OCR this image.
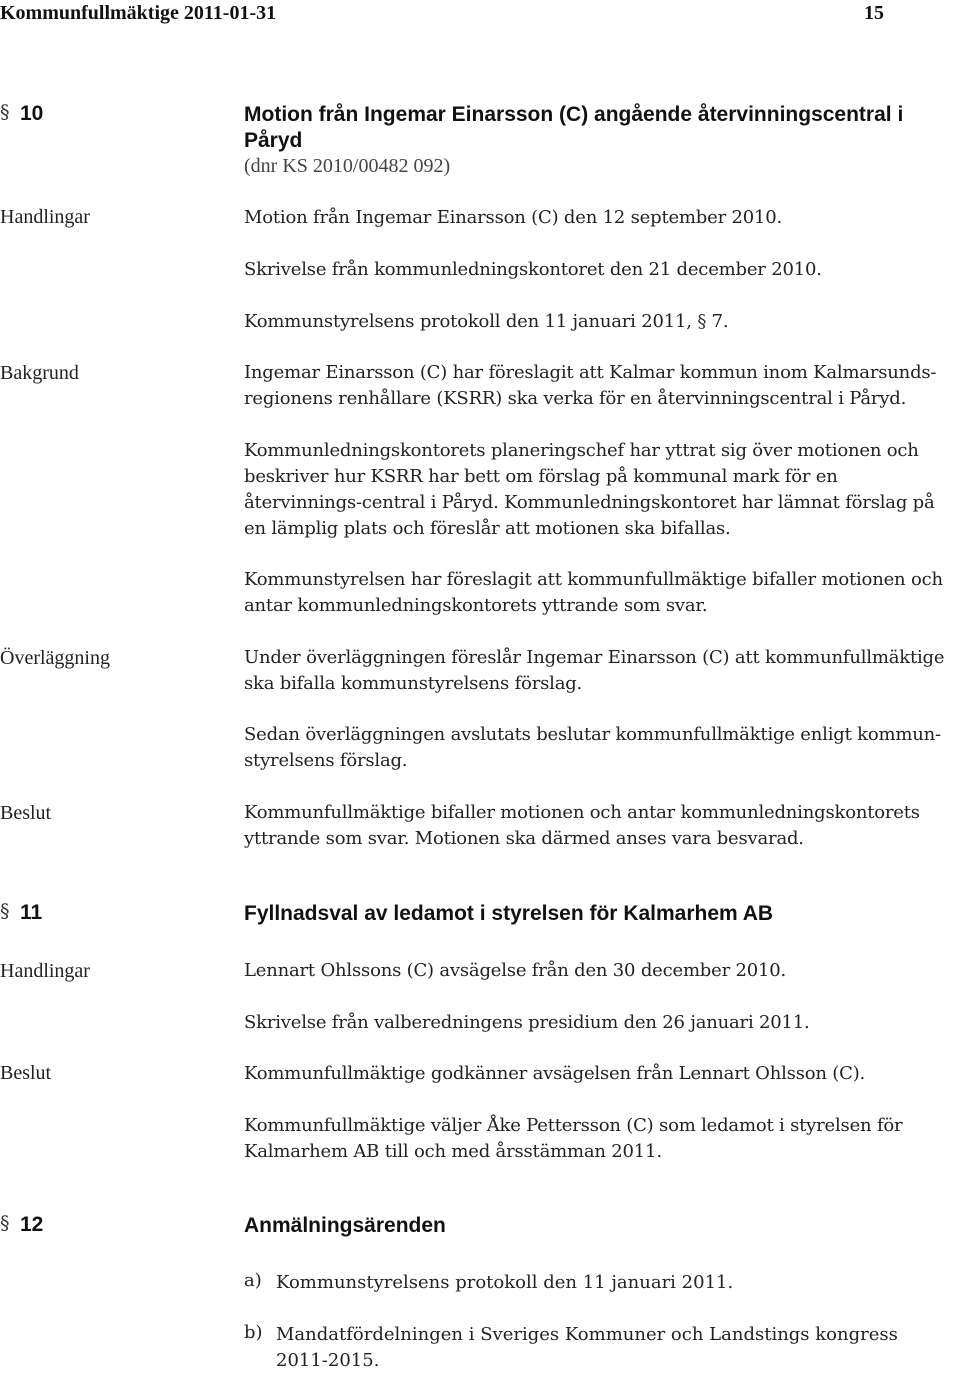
Kommunfullmäktige 2011-01-31	15
§ 10	Motion från Ingemar Einarsson (C) angående återvinningscentral i Påryd
(dnr KS 2010/00482 092)
Handlingar	Motion från Ingemar Einarsson (C) den 12 september 2010.
Skrivelse från kommunledningskontoret den 21 december 2010.
Kommunstyrelsens protokoll den 11 januari 2011, § 7.
Bakgrund	Ingemar Einarsson (C) har föreslagit att Kalmar kommun inom Kalmarsunds-regionens renhållare (KSRR) ska verka för en återvinningscentral i Påryd.
Kommunledningskontorets planeringschef har yttrat sig över motionen och beskriver hur KSRR har bett om förslag på kommunal mark för en återvinnings-central i Påryd. Kommunledningskontoret har lämnat förslag på en lämplig plats och föreslår att motionen ska bifallas.
Kommunstyrelsen har föreslagit att kommunfullmäktige bifaller motionen och antar kommunledningskontorets yttrande som svar.
Överläggning	Under överläggningen föreslår Ingemar Einarsson (C) att kommunfullmäktige ska bifalla kommunstyrelsens förslag.
Sedan överläggningen avslutats beslutar kommunfullmäktige enligt kommun-styrelsens förslag.
Beslut	Kommunfullmäktige bifaller motionen och antar kommunledningskontorets yttrande som svar. Motionen ska därmed anses vara besvarad.
§ 11	Fyllnadsval av ledamot i styrelsen för Kalmarhem AB
Handlingar	Lennart Ohlssons (C) avsägelse från den 30 december 2010.
Skrivelse från valberedningens presidium den 26 januari 2011.
Beslut	Kommunfullmäktige godkänner avsägelsen från Lennart Ohlsson (C).
Kommunfullmäktige väljer Åke Pettersson (C) som ledamot i styrelsen för Kalmarhem AB till och med årsstämman 2011.
§ 12	Anmälningsärenden
a) Kommunstyrelsens protokoll den 11 januari 2011.
b) Mandatfördelningen i Sveriges Kommuner och Landstings kongress 2011-2015.
